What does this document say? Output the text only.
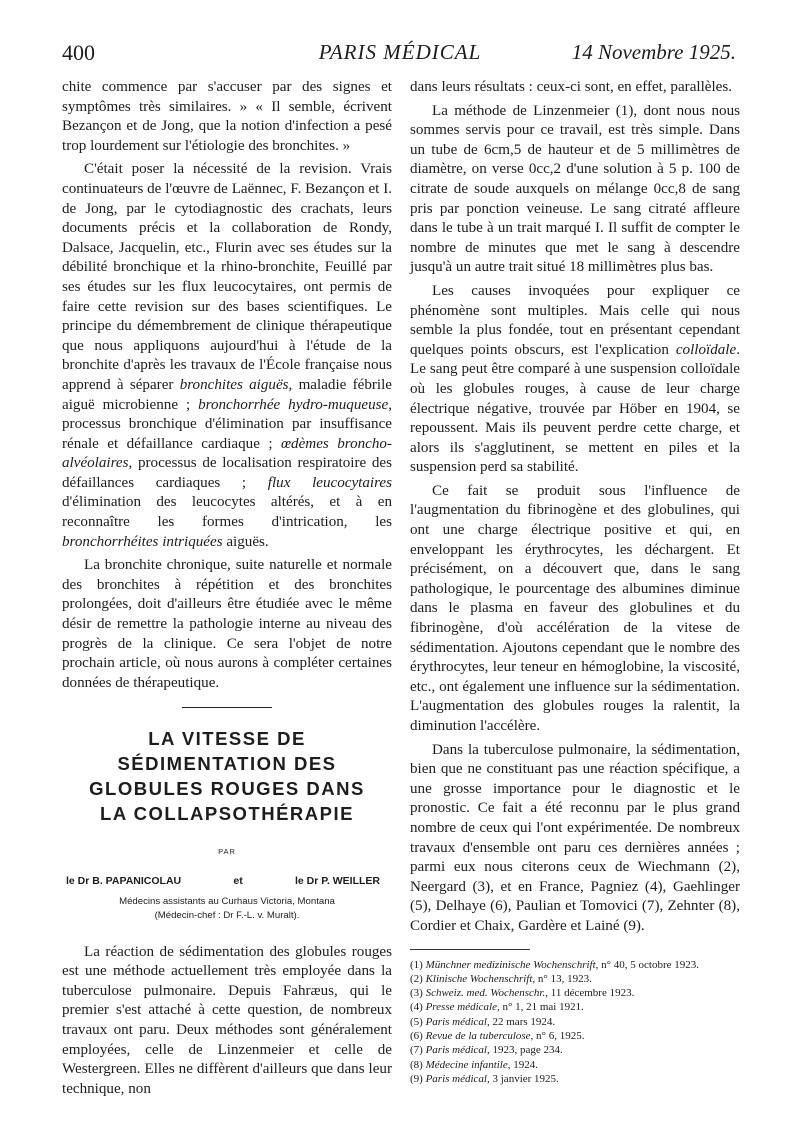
400	PARIS MÉDICAL	14 Novembre 1925.

chite commence par s'accuser par des signes et symptômes très similaires. » « Il semble, écrivent Bezançon et de Jong, que la notion d'infection a pesé trop lourdement sur l'étiologie des bronchites. »

C'était poser la nécessité de la revision. Vrais continuateurs de l'œuvre de Laënnec, F. Bezançon et I. de Jong, par le cytodiagnostic des crachats, leurs documents précis et la collaboration de Rondy, Dalsace, Jacquelin, etc., Flurin avec ses études sur la débilité bronchique et la rhino-bronchite, Feuillé par ses études sur les flux leucocytaires, ont permis de faire cette revision sur des bases scientifiques. Le principe du démembrement de clinique thérapeutique que nous appliquons aujourd'hui à l'étude de la bronchite d'après les travaux de l'École française nous apprend à séparer bronchites aiguës, maladie fébrile aiguë microbienne ; bronchorrhée hydro-muqueuse, processus bronchique d'élimination par insuffisance rénale et défaillance cardiaque ; œdèmes broncho-alvéolaires, processus de localisation respiratoire des défaillances cardiaques ; flux leucocytaires d'élimination des leucocytes altérés, et à en reconnaître les formes d'intrication, les bronchorrhéites intriquées aiguës.

La bronchite chronique, suite naturelle et normale des bronchites à répétition et des bronchites prolongées, doit d'ailleurs être étudiée avec le même désir de remettre la pathologie interne au niveau des progrès de la clinique. Ce sera l'objet de notre prochain article, où nous aurons à compléter certaines données de thérapeutique.

LA VITESSE DE
SÉDIMENTATION DES
GLOBULES ROUGES DANS
LA COLLAPSOTHÉRAPIE
PAR
le Dr B. PAPANICOLAU	et	le Dr P. WEILLER
Médecins assistants au Curhaus Victoria, Montana
(Médecin-chef : Dr F.-L. v. Muralt).

La réaction de sédimentation des globules rouges est une méthode actuellement très employée dans la tuberculose pulmonaire. Depuis Fahræus, qui le premier s'est attaché à cette question, de nombreux travaux ont paru. Deux méthodes sont généralement employées, celle de Linzenmeier et celle de Westergreen. Elles ne diffèrent d'ailleurs que dans leur technique, non

dans leurs résultats : ceux-ci sont, en effet, parallèles.

La méthode de Linzenmeier (1), dont nous nous sommes servis pour ce travail, est très simple. Dans un tube de 6cm,5 de hauteur et de 5 millimètres de diamètre, on verse 0cc,2 d'une solution à 5 p. 100 de citrate de soude auxquels on mélange 0cc,8 de sang pris par ponction veineuse. Le sang citraté affleure dans le tube à un trait marqué I. Il suffit de compter le nombre de minutes que met le sang à descendre jusqu'à un autre trait situé 18 millimètres plus bas.

Les causes invoquées pour expliquer ce phénomène sont multiples. Mais celle qui nous semble la plus fondée, tout en présentant cependant quelques points obscurs, est l'explication colloïdale. Le sang peut être comparé à une suspension colloïdale où les globules rouges, à cause de leur charge électrique négative, trouvée par Höber en 1904, se repoussent. Mais ils peuvent perdre cette charge, et alors ils s'agglutinent, se mettent en piles et la suspension perd sa stabilité.

Ce fait se produit sous l'influence de l'augmentation du fibrinogène et des globulines, qui ont une charge électrique positive et qui, en enveloppant les érythrocytes, les déchargent. Et précisément, on a découvert que, dans le sang pathologique, le pourcentage des albumines diminue dans le plasma en faveur des globulines et du fibrinogène, d'où accélération de la vitese de sédimentation. Ajoutons cependant que le nombre des érythrocytes, leur teneur en hémoglobine, la viscosité, etc., ont également une influence sur la sédimentation. L'augmentation des globules rouges la ralentit, la diminution l'accélère.

Dans la tuberculose pulmonaire, la sédimentation, bien que ne constituant pas une réaction spécifique, a une grosse importance pour le diagnostic et le pronostic. Ce fait a été reconnu par le plus grand nombre de ceux qui l'ont expérimentée. De nombreux travaux d'ensemble ont paru ces dernières années ; parmi eux nous citerons ceux de Wiechmann (2), Neergard (3), et en France, Pagniez (4), Gaehlinger (5), Delhaye (6), Paulian et Tomovici (7), Zehnter (8), Cordier et Chaix, Gardère et Lainé (9).

(1) Münchner medizinische Wochenschrift, n° 40, 5 octobre 1923.
(2) Klinische Wochenschrift, n° 13, 1923.
(3) Schweiz. med. Wochenschr., 11 décembre 1923.
(4) Presse médicale, n° 1, 21 mai 1921.
(5) Paris médical, 22 mars 1924.
(6) Revue de la tuberculose, n° 6, 1925.
(7) Paris médical, 1923, page 234.
(8) Médecine infantile, 1924.
(9) Paris médical, 3 janvier 1925.
